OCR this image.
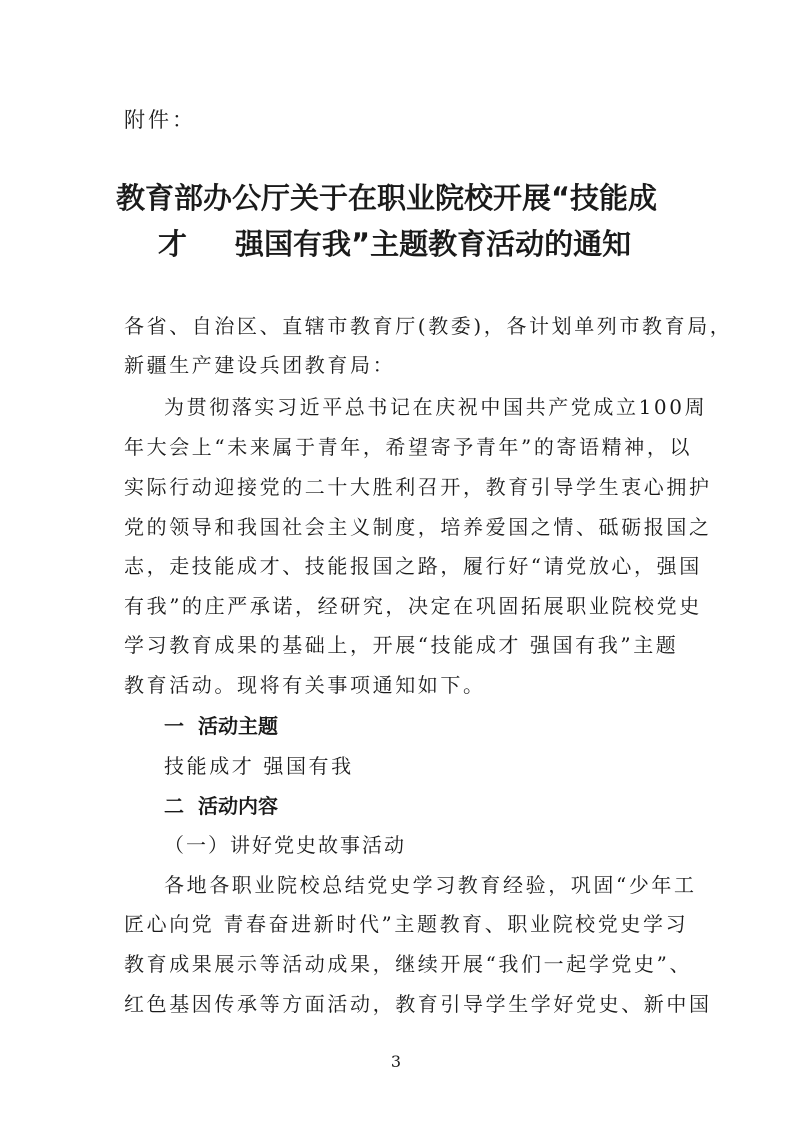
附件：
教育部办公厅关于在职业院校开展“技能成
才 强国有我”主题教育活动的通知
各省、自治区、直辖市教育厅(教委)，各计划单列市教育局，
新疆生产建设兵团教育局：
为贯彻落实习近平总书记在庆祝中国共产党成立100周
年大会上“未来属于青年，希望寄予青年”的寄语精神，以
实际行动迎接党的二十大胜利召开，教育引导学生衷心拥护
党的领导和我国社会主义制度，培养爱国之情、砥砺报国之
志，走技能成才、技能报国之路，履行好“请党放心，强国
有我”的庄严承诺，经研究，决定在巩固拓展职业院校党史
学习教育成果的基础上，开展“技能成才 强国有我”主题
教育活动。现将有关事项通知如下。
一 活动主题
技能成才 强国有我
二 活动内容
（一）讲好党史故事活动
各地各职业院校总结党史学习教育经验，巩固“少年工
匠心向党 青春奋进新时代”主题教育、职业院校党史学习
教育成果展示等活动成果，继续开展“我们一起学党史”、
红色基因传承等方面活动，教育引导学生学好党史、新中国
3
